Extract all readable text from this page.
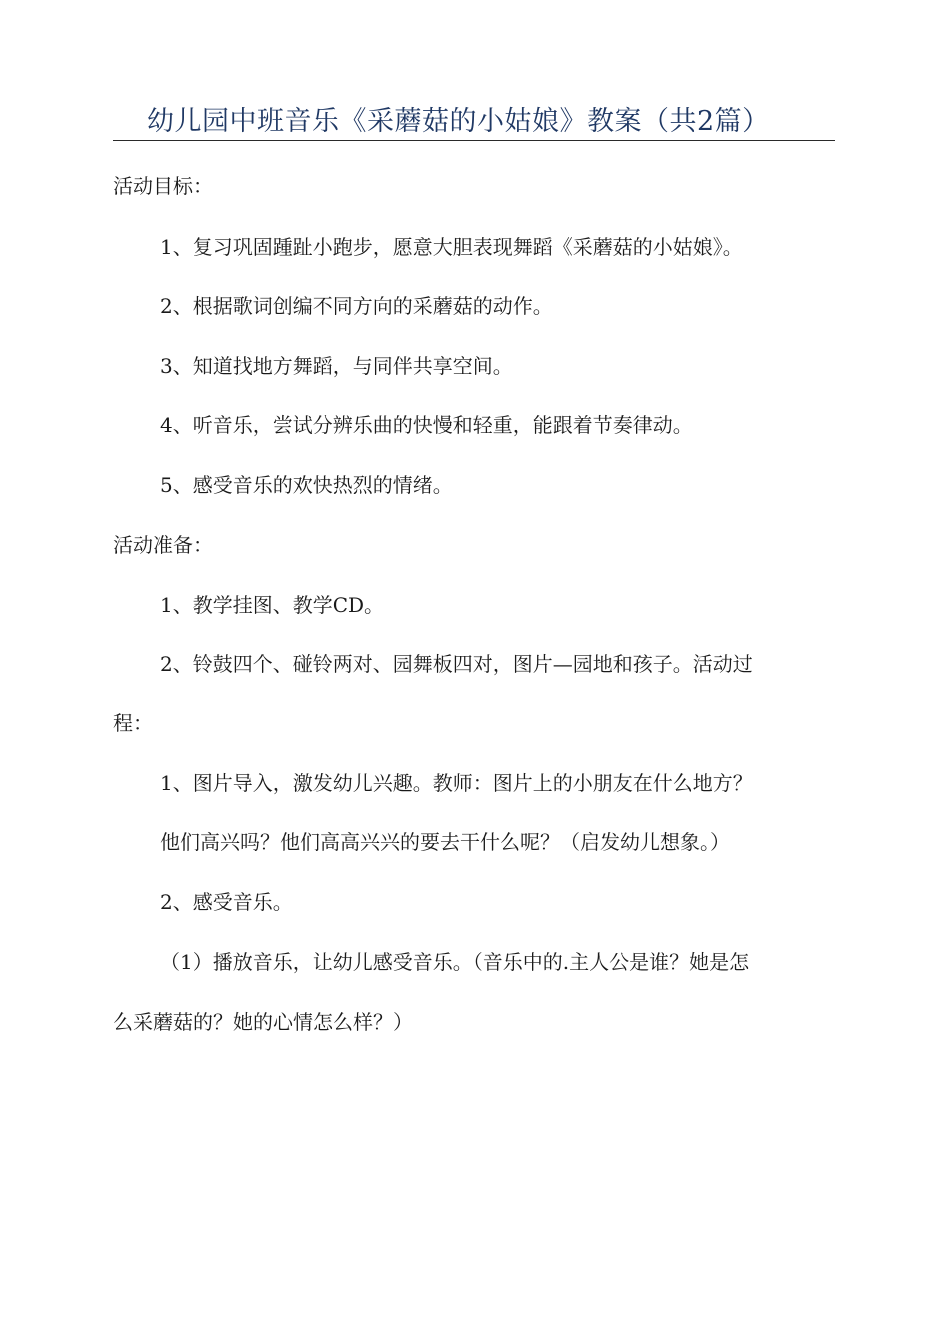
幼儿园中班音乐《采蘑菇的小姑娘》教案（共2篇）
活动目标：
1、复习巩固踵趾小跑步，愿意大胆表现舞蹈《采蘑菇的小姑娘》。
2、根据歌词创编不同方向的采蘑菇的动作。
3、知道找地方舞蹈，与同伴共享空间。
4、听音乐，尝试分辨乐曲的快慢和轻重，能跟着节奏律动。
5、感受音乐的欢快热烈的情绪。
活动准备：
1、教学挂图、教学CD。
2、铃鼓四个、碰铃两对、园舞板四对，图片—园地和孩子。活动过
程：
1、图片导入，激发幼儿兴趣。教师：图片上的小朋友在什么地方？
他们高兴吗？他们高高兴兴的要去干什么呢？（启发幼儿想象。）
2、感受音乐。
（1）播放音乐，让幼儿感受音乐。（音乐中的.主人公是谁？她是怎
么采蘑菇的？她的心情怎么样？）
